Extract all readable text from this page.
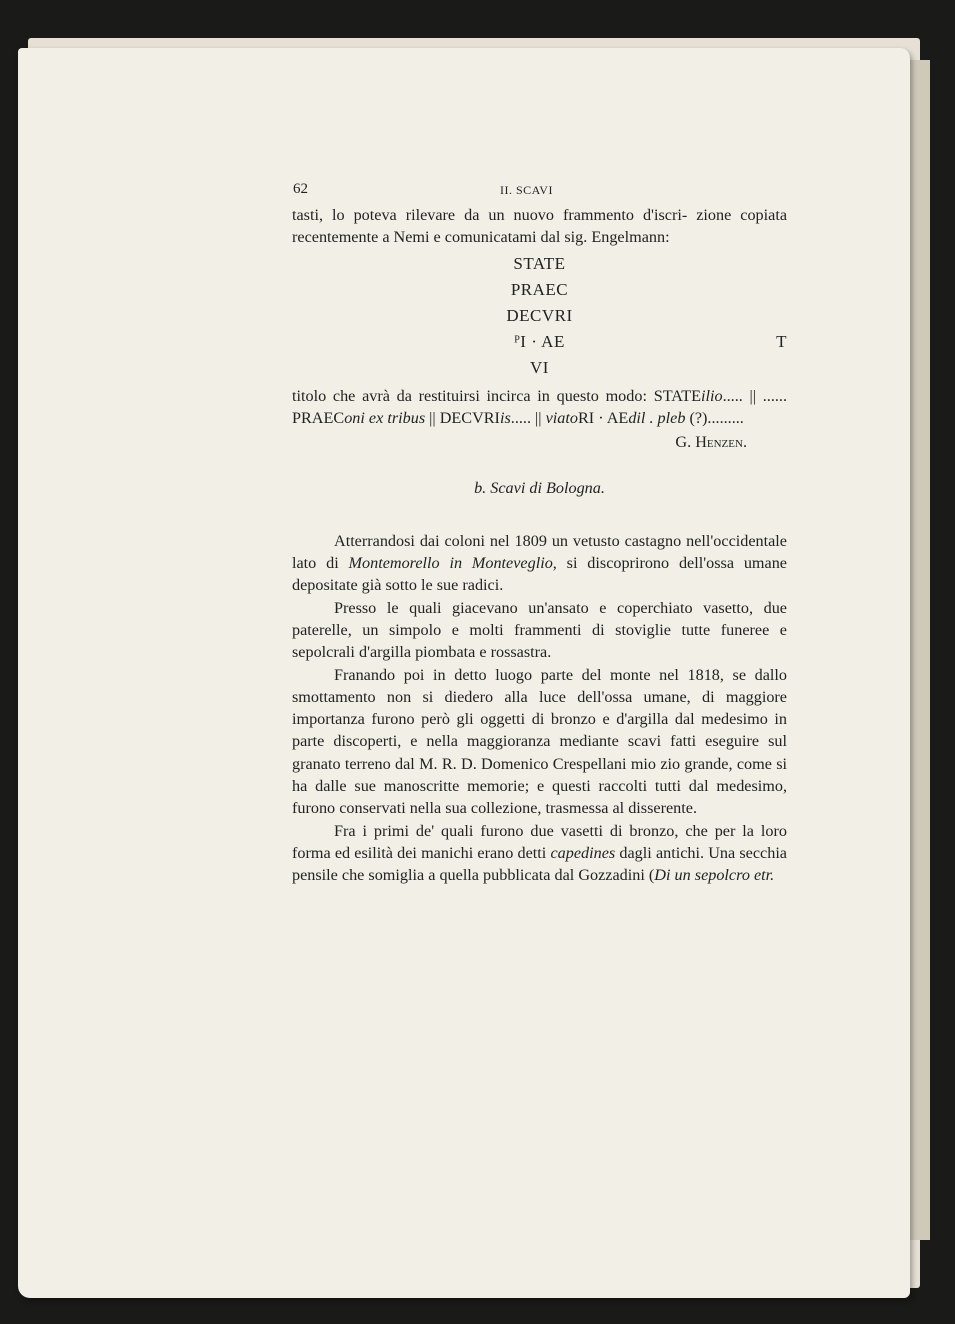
62	II. SCAVI

tasti, lo poteva rilevare da un nuovo frammento d'iscri- zione copiata recentemente a Nemi e comunicatami dal sig. Engelmann:

STATE
PRAEC
DECVRI
ᴾI · AE	T
VI

titolo che avrà da restituirsi incirca in questo modo: STATEilio..... || ...... PRAEConi ex tribus || DECVRIis..... || viatoRI · AEdil . pleb (?).........

G. Henzen.
b. Scavi di Bologna.

Atterrandosi dai coloni nel 1809 un vetusto castagno nell'occidentale lato di Montemorello in Monteveglio, si discoprirono dell'ossa umane depositate già sotto le sue radici.

Presso le quali giacevano un'ansato e coperchiato vasetto, due paterelle, un simpolo e molti frammenti di stoviglie tutte funeree e sepolcrali d'argilla piombata e rossastra.

Franando poi in detto luogo parte del monte nel 1818, se dallo smottamento non si diedero alla luce dell'ossa umane, di maggiore importanza furono però gli oggetti di bronzo e d'argilla dal medesimo in parte discoperti, e nella maggioranza mediante scavi fatti eseguire sul granato terreno dal M. R. D. Domenico Crespellani mio zio grande, come si ha dalle sue manoscritte memorie; e questi raccolti tutti dal medesimo, furono conservati nella sua collezione, trasmessa al disserente.

Fra i primi de' quali furono due vasetti di bronzo, che per la loro forma ed esilità dei manichi erano detti capedines dagli antichi. Una secchia pensile che somiglia a quella pubblicata dal Gozzadini (Di un sepolcro etr.
